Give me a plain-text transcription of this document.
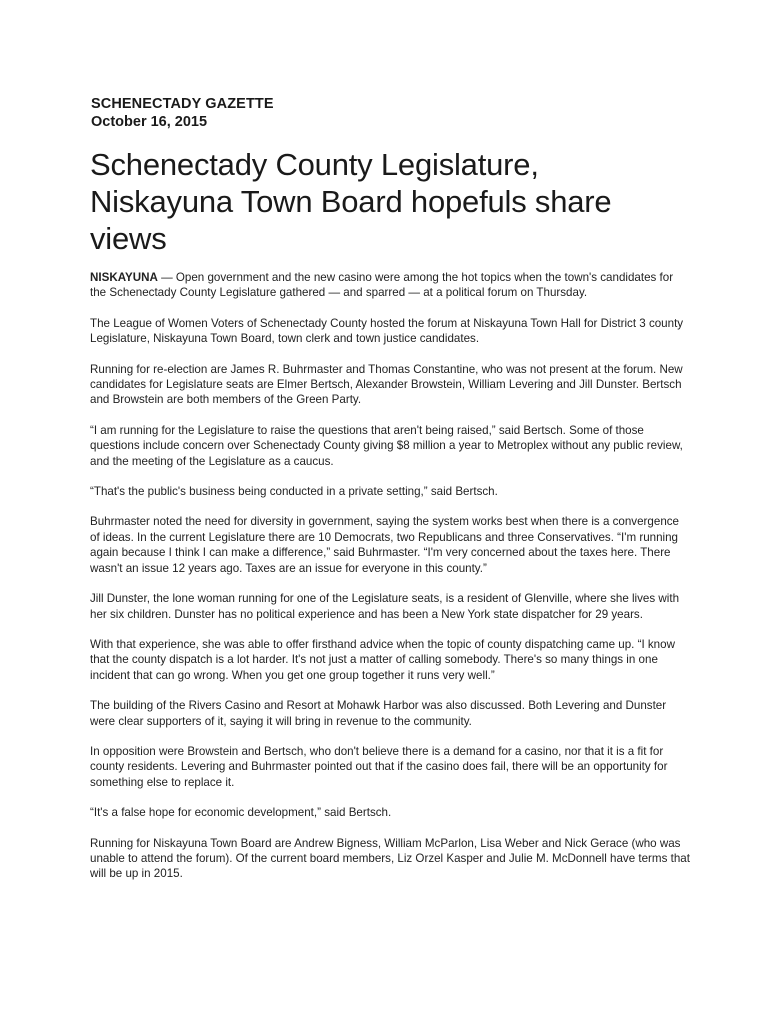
SCHENECTADY GAZETTE

October 16, 2015

Schenectady County Legislature, Niskayuna Town Board hopefuls share views

NISKAYUNA — Open government and the new casino were among the hot topics when the town's candidates for the Schenectady County Legislature gathered — and sparred — at a political forum on Thursday.

The League of Women Voters of Schenectady County hosted the forum at Niskayuna Town Hall for District 3 county Legislature, Niskayuna Town Board, town clerk and town justice candidates.

Running for re-election are James R. Buhrmaster and Thomas Constantine, who was not present at the forum. New candidates for Legislature seats are Elmer Bertsch, Alexander Browstein, William Levering and Jill Dunster. Bertsch and Browstein are both members of the Green Party.

“I am running for the Legislature to raise the questions that aren't being raised,” said Bertsch. Some of those questions include concern over Schenectady County giving $8 million a year to Metroplex without any public review, and the meeting of the Legislature as a caucus.

“That's the public's business being conducted in a private setting,” said Bertsch.

Buhrmaster noted the need for diversity in government, saying the system works best when there is a convergence of ideas. In the current Legislature there are 10 Democrats, two Republicans and three Conservatives. “I'm running again because I think I can make a difference,” said Buhrmaster. “I'm very concerned about the taxes here. There wasn't an issue 12 years ago. Taxes are an issue for everyone in this county.”

Jill Dunster, the lone woman running for one of the Legislature seats, is a resident of Glenville, where she lives with her six children. Dunster has no political experience and has been a New York state dispatcher for 29 years.

With that experience, she was able to offer firsthand advice when the topic of county dispatching came up. “I know that the county dispatch is a lot harder. It's not just a matter of calling somebody. There's so many things in one incident that can go wrong. When you get one group together it runs very well.”

The building of the Rivers Casino and Resort at Mohawk Harbor was also discussed. Both Levering and Dunster were clear supporters of it, saying it will bring in revenue to the community.

In opposition were Browstein and Bertsch, who don't believe there is a demand for a casino, nor that it is a fit for county residents. Levering and Buhrmaster pointed out that if the casino does fail, there will be an opportunity for something else to replace it.

“It's a false hope for economic development,” said Bertsch.

Running for Niskayuna Town Board are Andrew Bigness, William McParlon, Lisa Weber and Nick Gerace (who was unable to attend the forum). Of the current board members, Liz Orzel Kasper and Julie M. McDonnell have terms that will be up in 2015.
